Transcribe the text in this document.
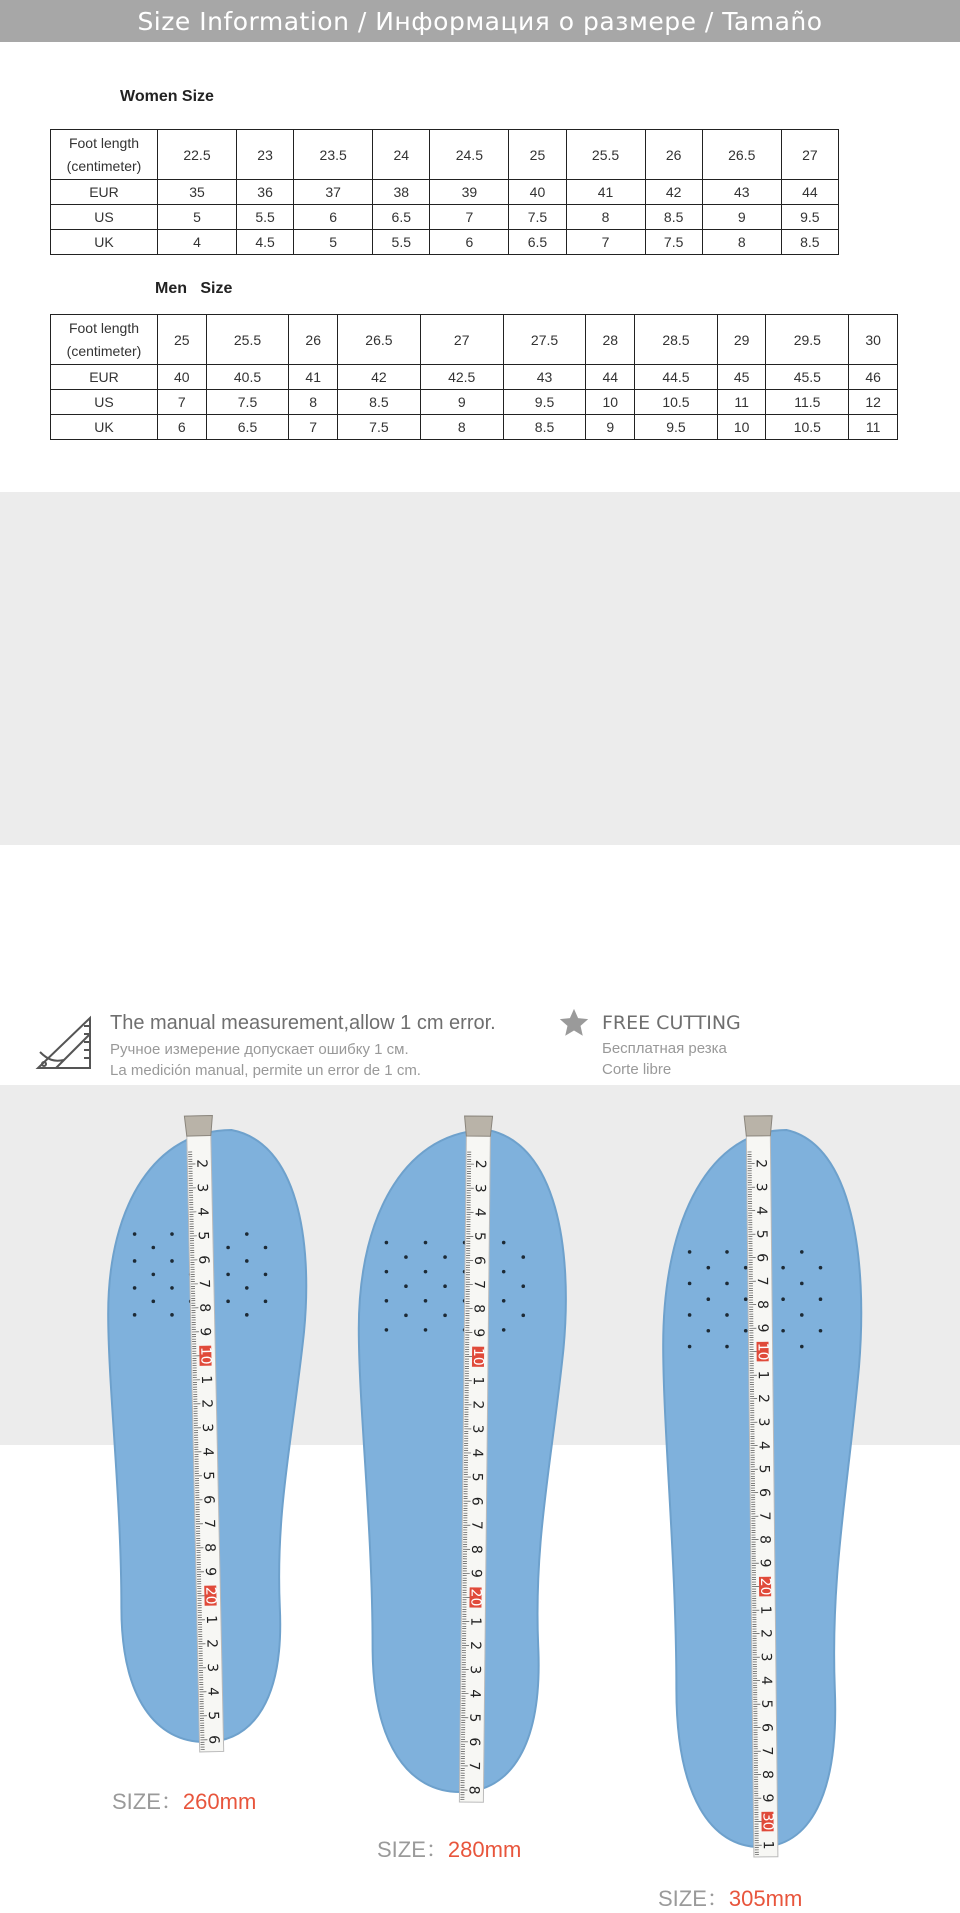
Size Information / Информация о размере / Tamaño
Women Size
Foot length
(centimeter)	22.5	23	23.5	24	24.5	25	25.5	26	26.5	27
EUR	35	36	37	38	39	40	41	42	43	44
US	5	5.5	6	6.5	7	7.5	8	8.5	9	9.5
UK	4	4.5	5	5.5	6	6.5	7	7.5	8	8.5
Men   Size
Foot length
(centimeter)	25	25.5	26	26.5	27	27.5	28	28.5	29	29.5	30
EUR	40	40.5	41	42	42.5	43	44	44.5	45	45.5	46
US	7	7.5	8	8.5	9	9.5	10	10.5	11	11.5	12
UK	6	6.5	7	7.5	8	8.5	9	9.5	10	10.5	11
The manual measurement,allow 1 cm error.
Ручное измерение допускает ошибку 1 см.
La medición manual, permite un error de 1 cm.
FREE CUTTING
Бесплатная резка
Corte libre
2
3
4
5
6
7
8
9
10
1
2
3
4
5
6
7
8
9
20
1
2
3
4
5
6
2
3
4
5
6
7
8
9
10
1
2
3
4
5
6
7
8
9
20
1
2
3
4
5
6
7
8
2
3
4
5
6
7
8
9
10
1
2
3
4
5
6
7
8
9
20
1
2
3
4
5
6
7
8
9
30
1
SIZE：260mm
SIZE：280mm
SIZE：305mm
